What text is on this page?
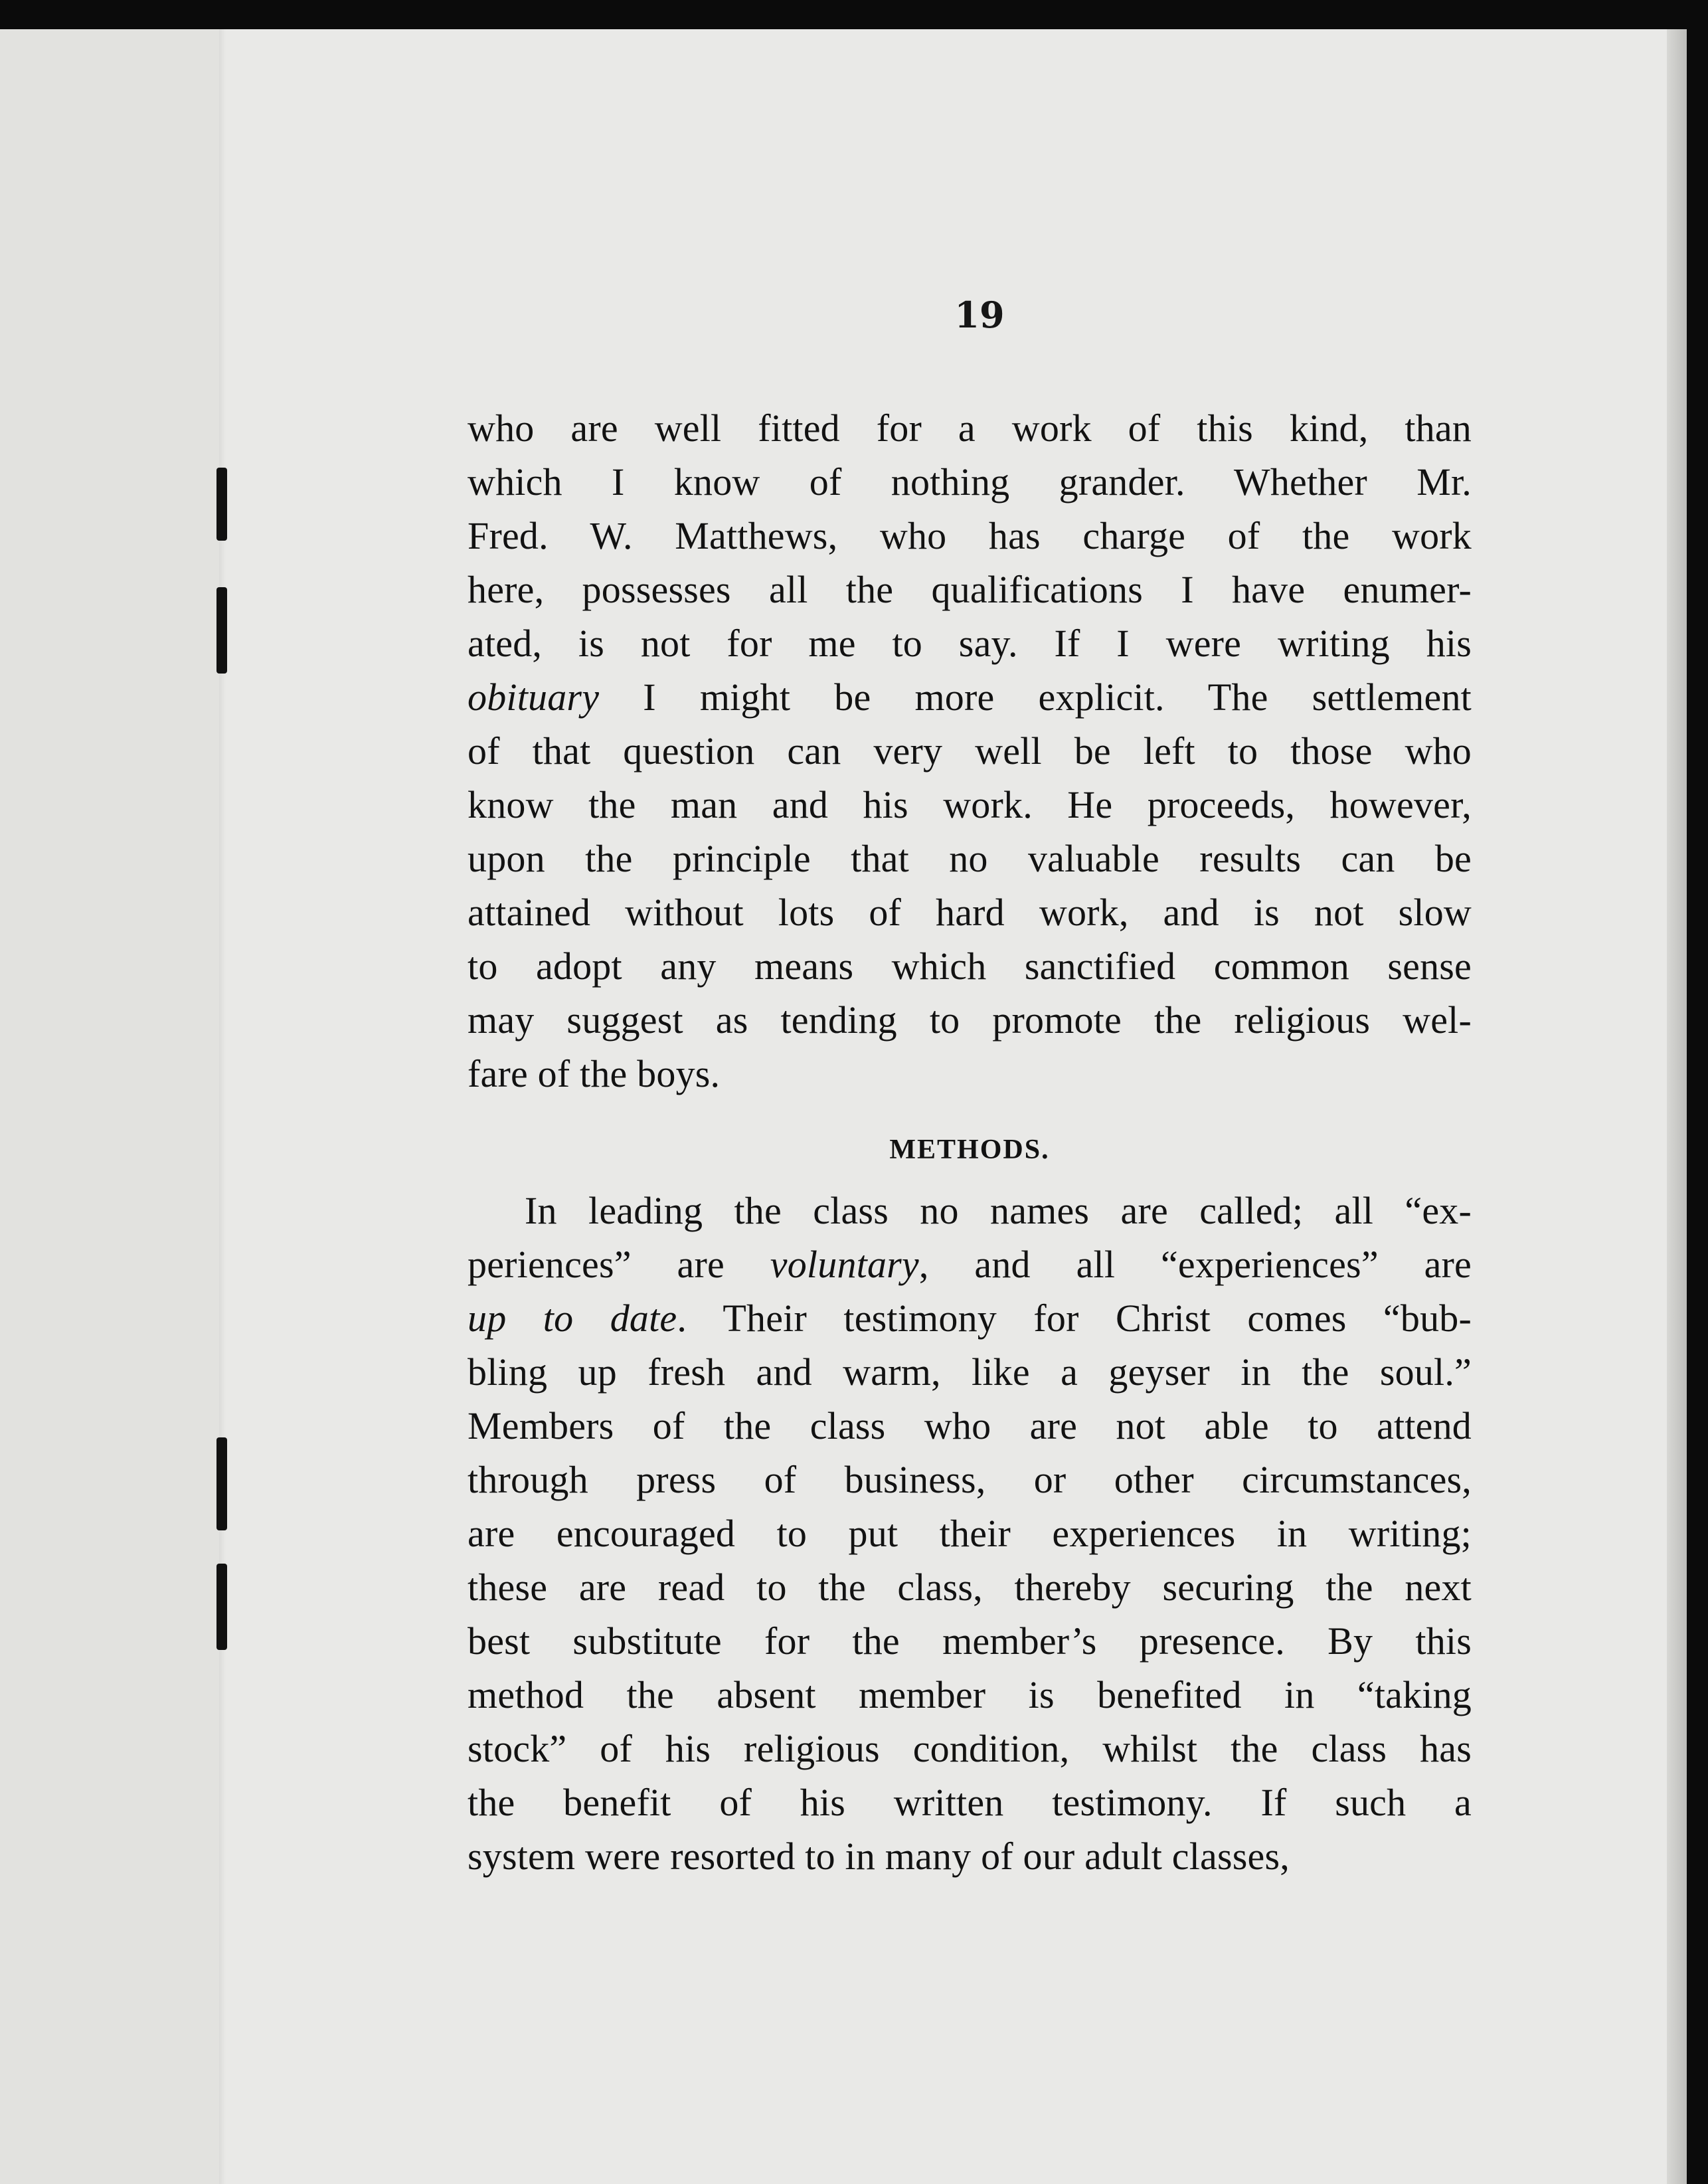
19
who are well fitted for a work of this kind, than
which I know of nothing grander. Whether Mr.
Fred. W. Matthews, who has charge of the work
here, possesses all the qualifications I have enumer-
ated, is not for me to say. If I were writing his
obituary I might be more explicit. The settlement
of that question can very well be left to those who
know the man and his work. He proceeds, however,
upon the principle that no valuable results can be
attained without lots of hard work, and is not slow
to adopt any means which sanctified common sense
may suggest as tending to promote the religious wel-
fare of the boys.
METHODS.
In leading the class no names are called; all “ex-
periences” are voluntary, and all “experiences” are
up to date. Their testimony for Christ comes “bub-
bling up fresh and warm, like a geyser in the soul.”
Members of the class who are not able to attend
through press of business, or other circumstances,
are encouraged to put their experiences in writing;
these are read to the class, thereby securing the next
best substitute for the member’s presence. By this
method the absent member is benefited in “taking
stock” of his religious condition, whilst the class has
the benefit of his written testimony. If such a
system were resorted to in many of our adult classes,
